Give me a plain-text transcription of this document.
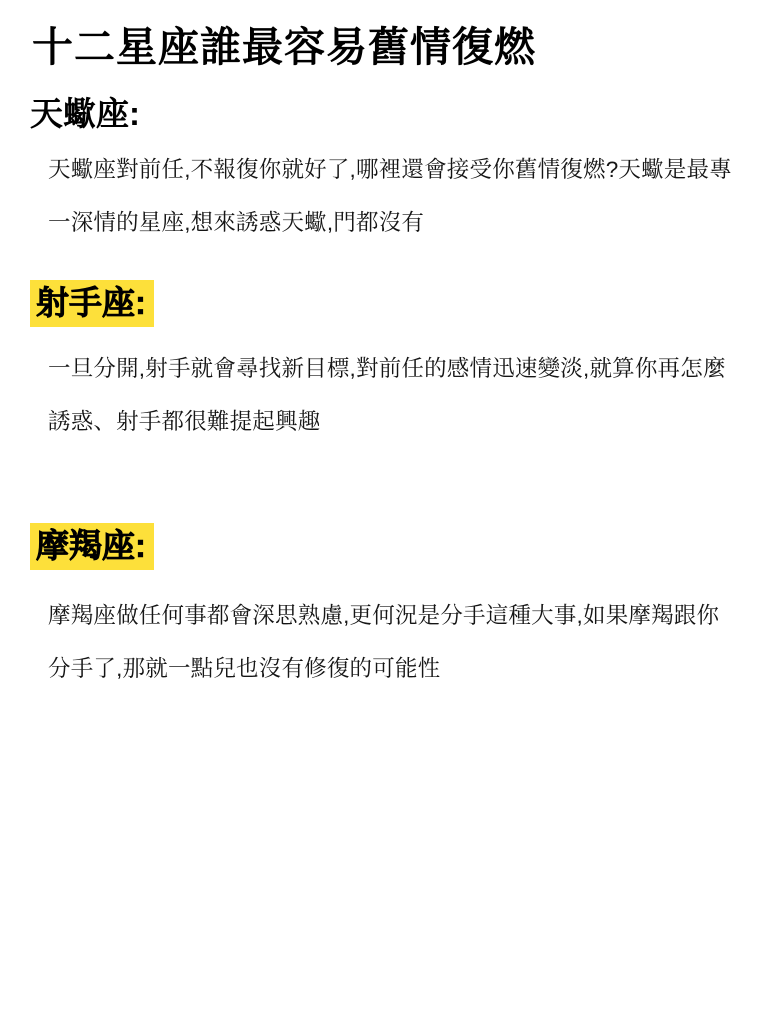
十二星座誰最容易舊情復燃
天蠍座:

天蠍座對前任,不報復你就好了,哪裡還會接受你舊情復燃?天蠍是最專一深情的星座,想來誘惑天蠍,門都沒有

射手座:

一旦分開,射手就會尋找新目標,對前任的感情迅速變淡,就算你再怎麼誘惑、射手都很難提起興趣

摩羯座:

摩羯座做任何事都會深思熟慮,更何況是分手這種大事,如果摩羯跟你分手了,那就一點兒也沒有修復的可能性
